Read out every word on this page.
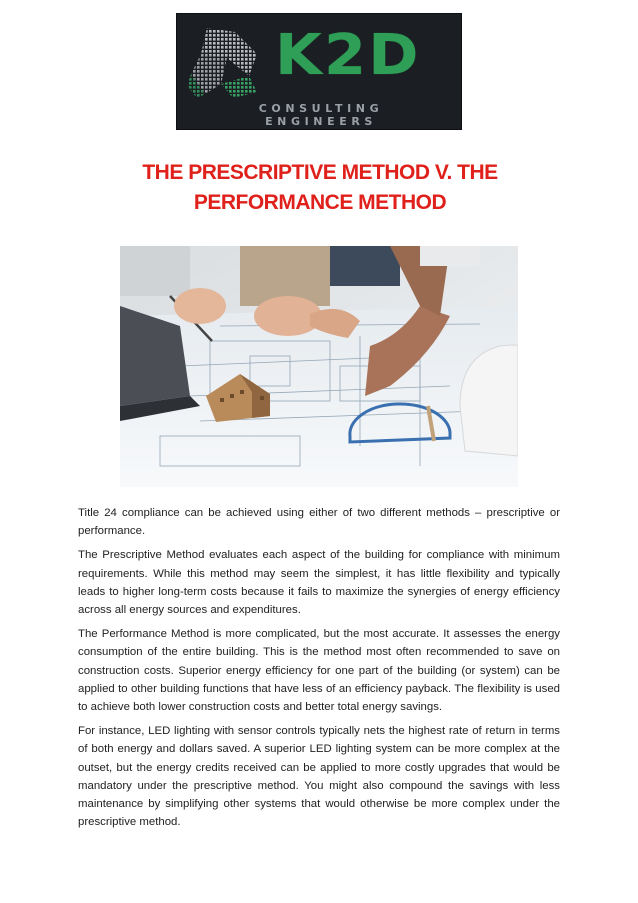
K2D
CONSULTING ENGINEERS
THE PRESCRIPTIVE METHOD V. THE
PERFORMANCE METHOD

Title 24 compliance can be achieved using either of two different methods – prescriptive or performance.

The Prescriptive Method evaluates each aspect of the building for compliance with minimum requirements. While this method may seem the simplest, it has little flexibility and typically leads to higher long-term costs because it fails to maximize the synergies of energy efficiency across all energy sources and expenditures.

The Performance Method is more complicated, but the most accurate. It assesses the energy consumption of the entire building. This is the method most often recommended to save on construction costs. Superior energy efficiency for one part of the building (or system) can be applied to other building functions that have less of an efficiency payback. The flexibility is used to achieve both lower construction costs and better total energy savings.

For instance, LED lighting with sensor controls typically nets the highest rate of return in terms of both energy and dollars saved. A superior LED lighting system can be more complex at the outset, but the energy credits received can be applied to more costly upgrades that would be mandatory under the prescriptive method. You might also compound the savings with less maintenance by simplifying other systems that would otherwise be more complex under the prescriptive method.
